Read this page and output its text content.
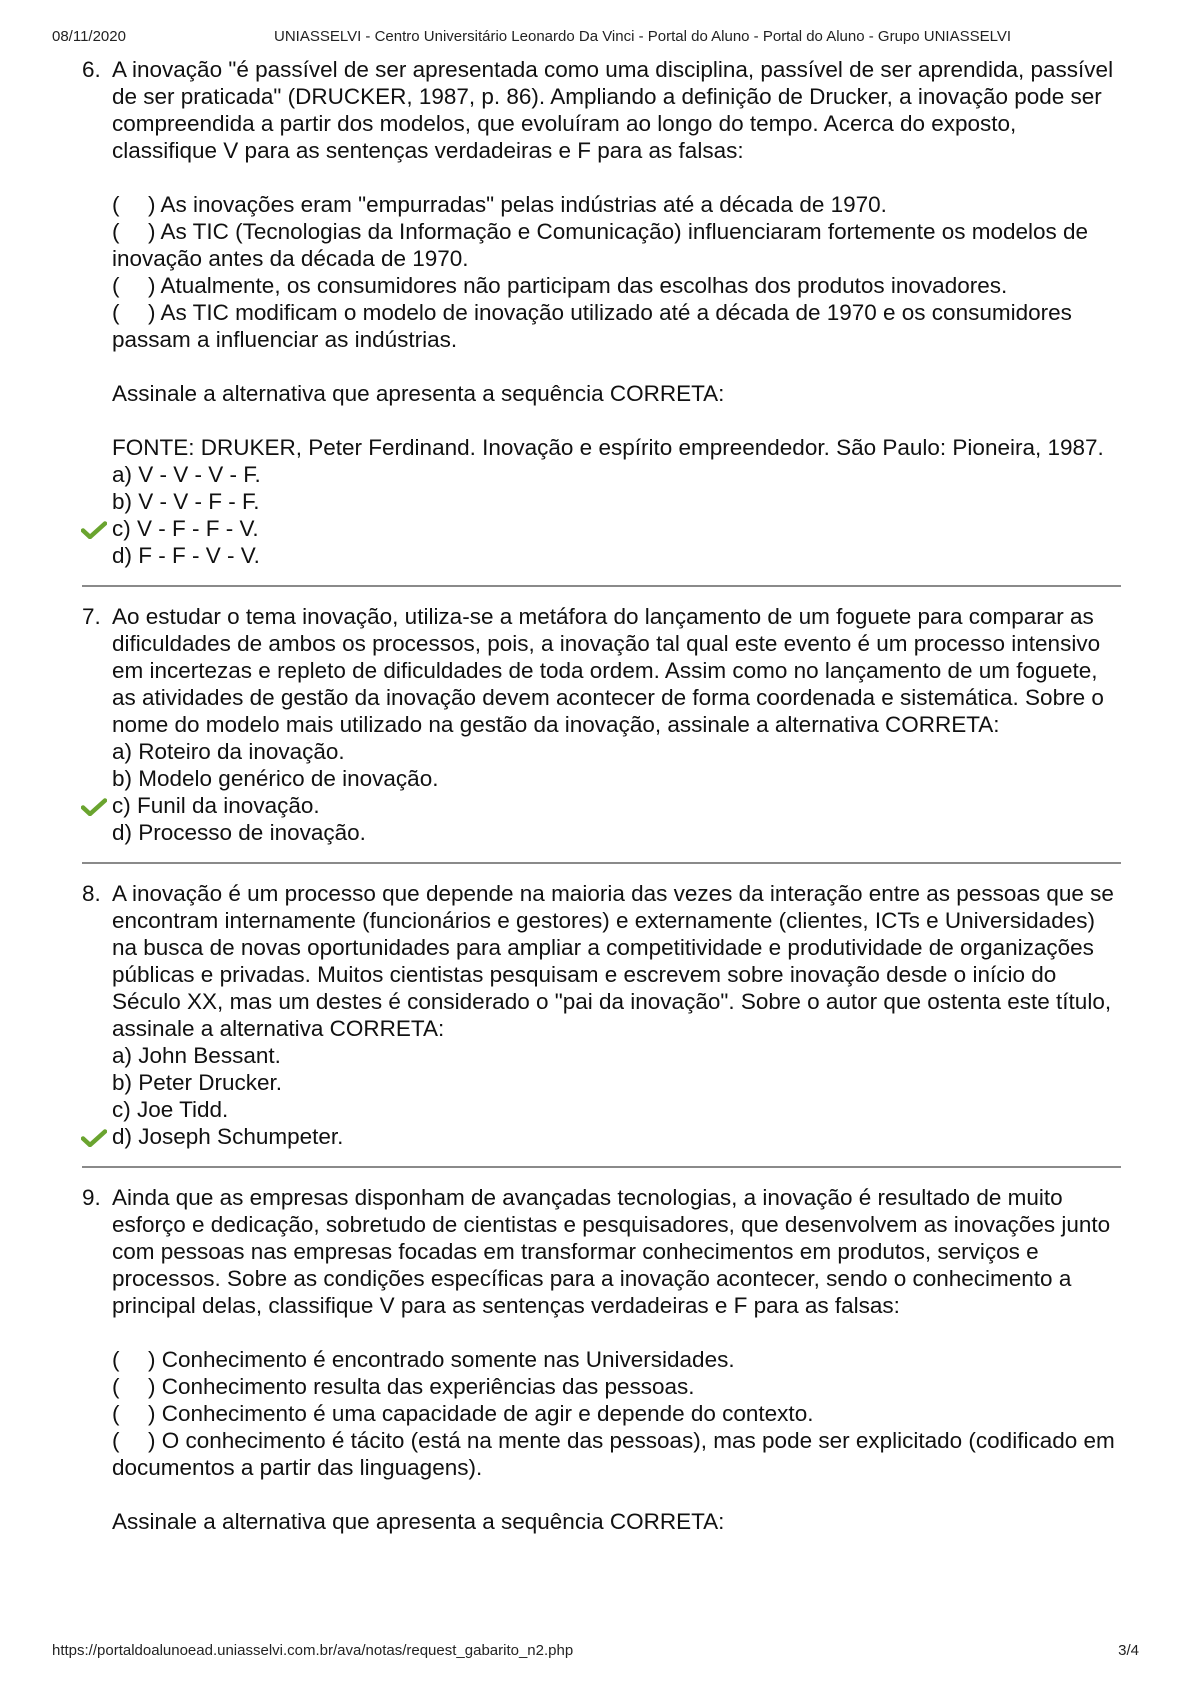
08/11/2020	UNIASSELVI - Centro Universitário Leonardo Da Vinci - Portal do Aluno - Portal do Aluno - Grupo UNIASSELVI
6. A inovação "é passível de ser apresentada como uma disciplina, passível de ser aprendida, passível de ser praticada" (DRUCKER, 1987, p. 86). Ampliando a definição de Drucker, a inovação pode ser compreendida a partir dos modelos, que evoluíram ao longo do tempo. Acerca do exposto, classifique V para as sentenças verdadeiras e F para as falsas:

( ) As inovações eram "empurradas" pelas indústrias até a década de 1970.

( ) As TIC (Tecnologias da Informação e Comunicação) influenciaram fortemente os modelos de inovação antes da década de 1970.

( ) Atualmente, os consumidores não participam das escolhas dos produtos inovadores.

( ) As TIC modificam o modelo de inovação utilizado até a década de 1970 e os consumidores passam a influenciar as indústrias.

Assinale a alternativa que apresenta a sequência CORRETA:

FONTE: DRUKER, Peter Ferdinand. Inovação e espírito empreendedor. São Paulo: Pioneira, 1987.

a) V - V - V - F.

b) V - V - F - F.

c) V - F - F - V.

d) F - F - V - V.

7. Ao estudar o tema inovação, utiliza-se a metáfora do lançamento de um foguete para comparar as dificuldades de ambos os processos, pois, a inovação tal qual este evento é um processo intensivo em incertezas e repleto de dificuldades de toda ordem. Assim como no lançamento de um foguete, as atividades de gestão da inovação devem acontecer de forma coordenada e sistemática. Sobre o nome do modelo mais utilizado na gestão da inovação, assinale a alternativa CORRETA:

a) Roteiro da inovação.

b) Modelo genérico de inovação.

c) Funil da inovação.

d) Processo de inovação.

8. A inovação é um processo que depende na maioria das vezes da interação entre as pessoas que se encontram internamente (funcionários e gestores) e externamente (clientes, ICTs e Universidades) na busca de novas oportunidades para ampliar a competitividade e produtividade de organizações públicas e privadas. Muitos cientistas pesquisam e escrevem sobre inovação desde o início do Século XX, mas um destes é considerado o "pai da inovação". Sobre o autor que ostenta este título, assinale a alternativa CORRETA:

a) John Bessant.

b) Peter Drucker.

c) Joe Tidd.

d) Joseph Schumpeter.

9. Ainda que as empresas disponham de avançadas tecnologias, a inovação é resultado de muito esforço e dedicação, sobretudo de cientistas e pesquisadores, que desenvolvem as inovações junto com pessoas nas empresas focadas em transformar conhecimentos em produtos, serviços e processos. Sobre as condições específicas para a inovação acontecer, sendo o conhecimento a principal delas, classifique V para as sentenças verdadeiras e F para as falsas:

( ) Conhecimento é encontrado somente nas Universidades.

( ) Conhecimento resulta das experiências das pessoas.

( ) Conhecimento é uma capacidade de agir e depende do contexto.

( ) O conhecimento é tácito (está na mente das pessoas), mas pode ser explicitado (codificado em documentos a partir das linguagens).

Assinale a alternativa que apresenta a sequência CORRETA:

https://portaldoalunoead.uniasselvi.com.br/ava/notas/request_gabarito_n2.php	3/4
